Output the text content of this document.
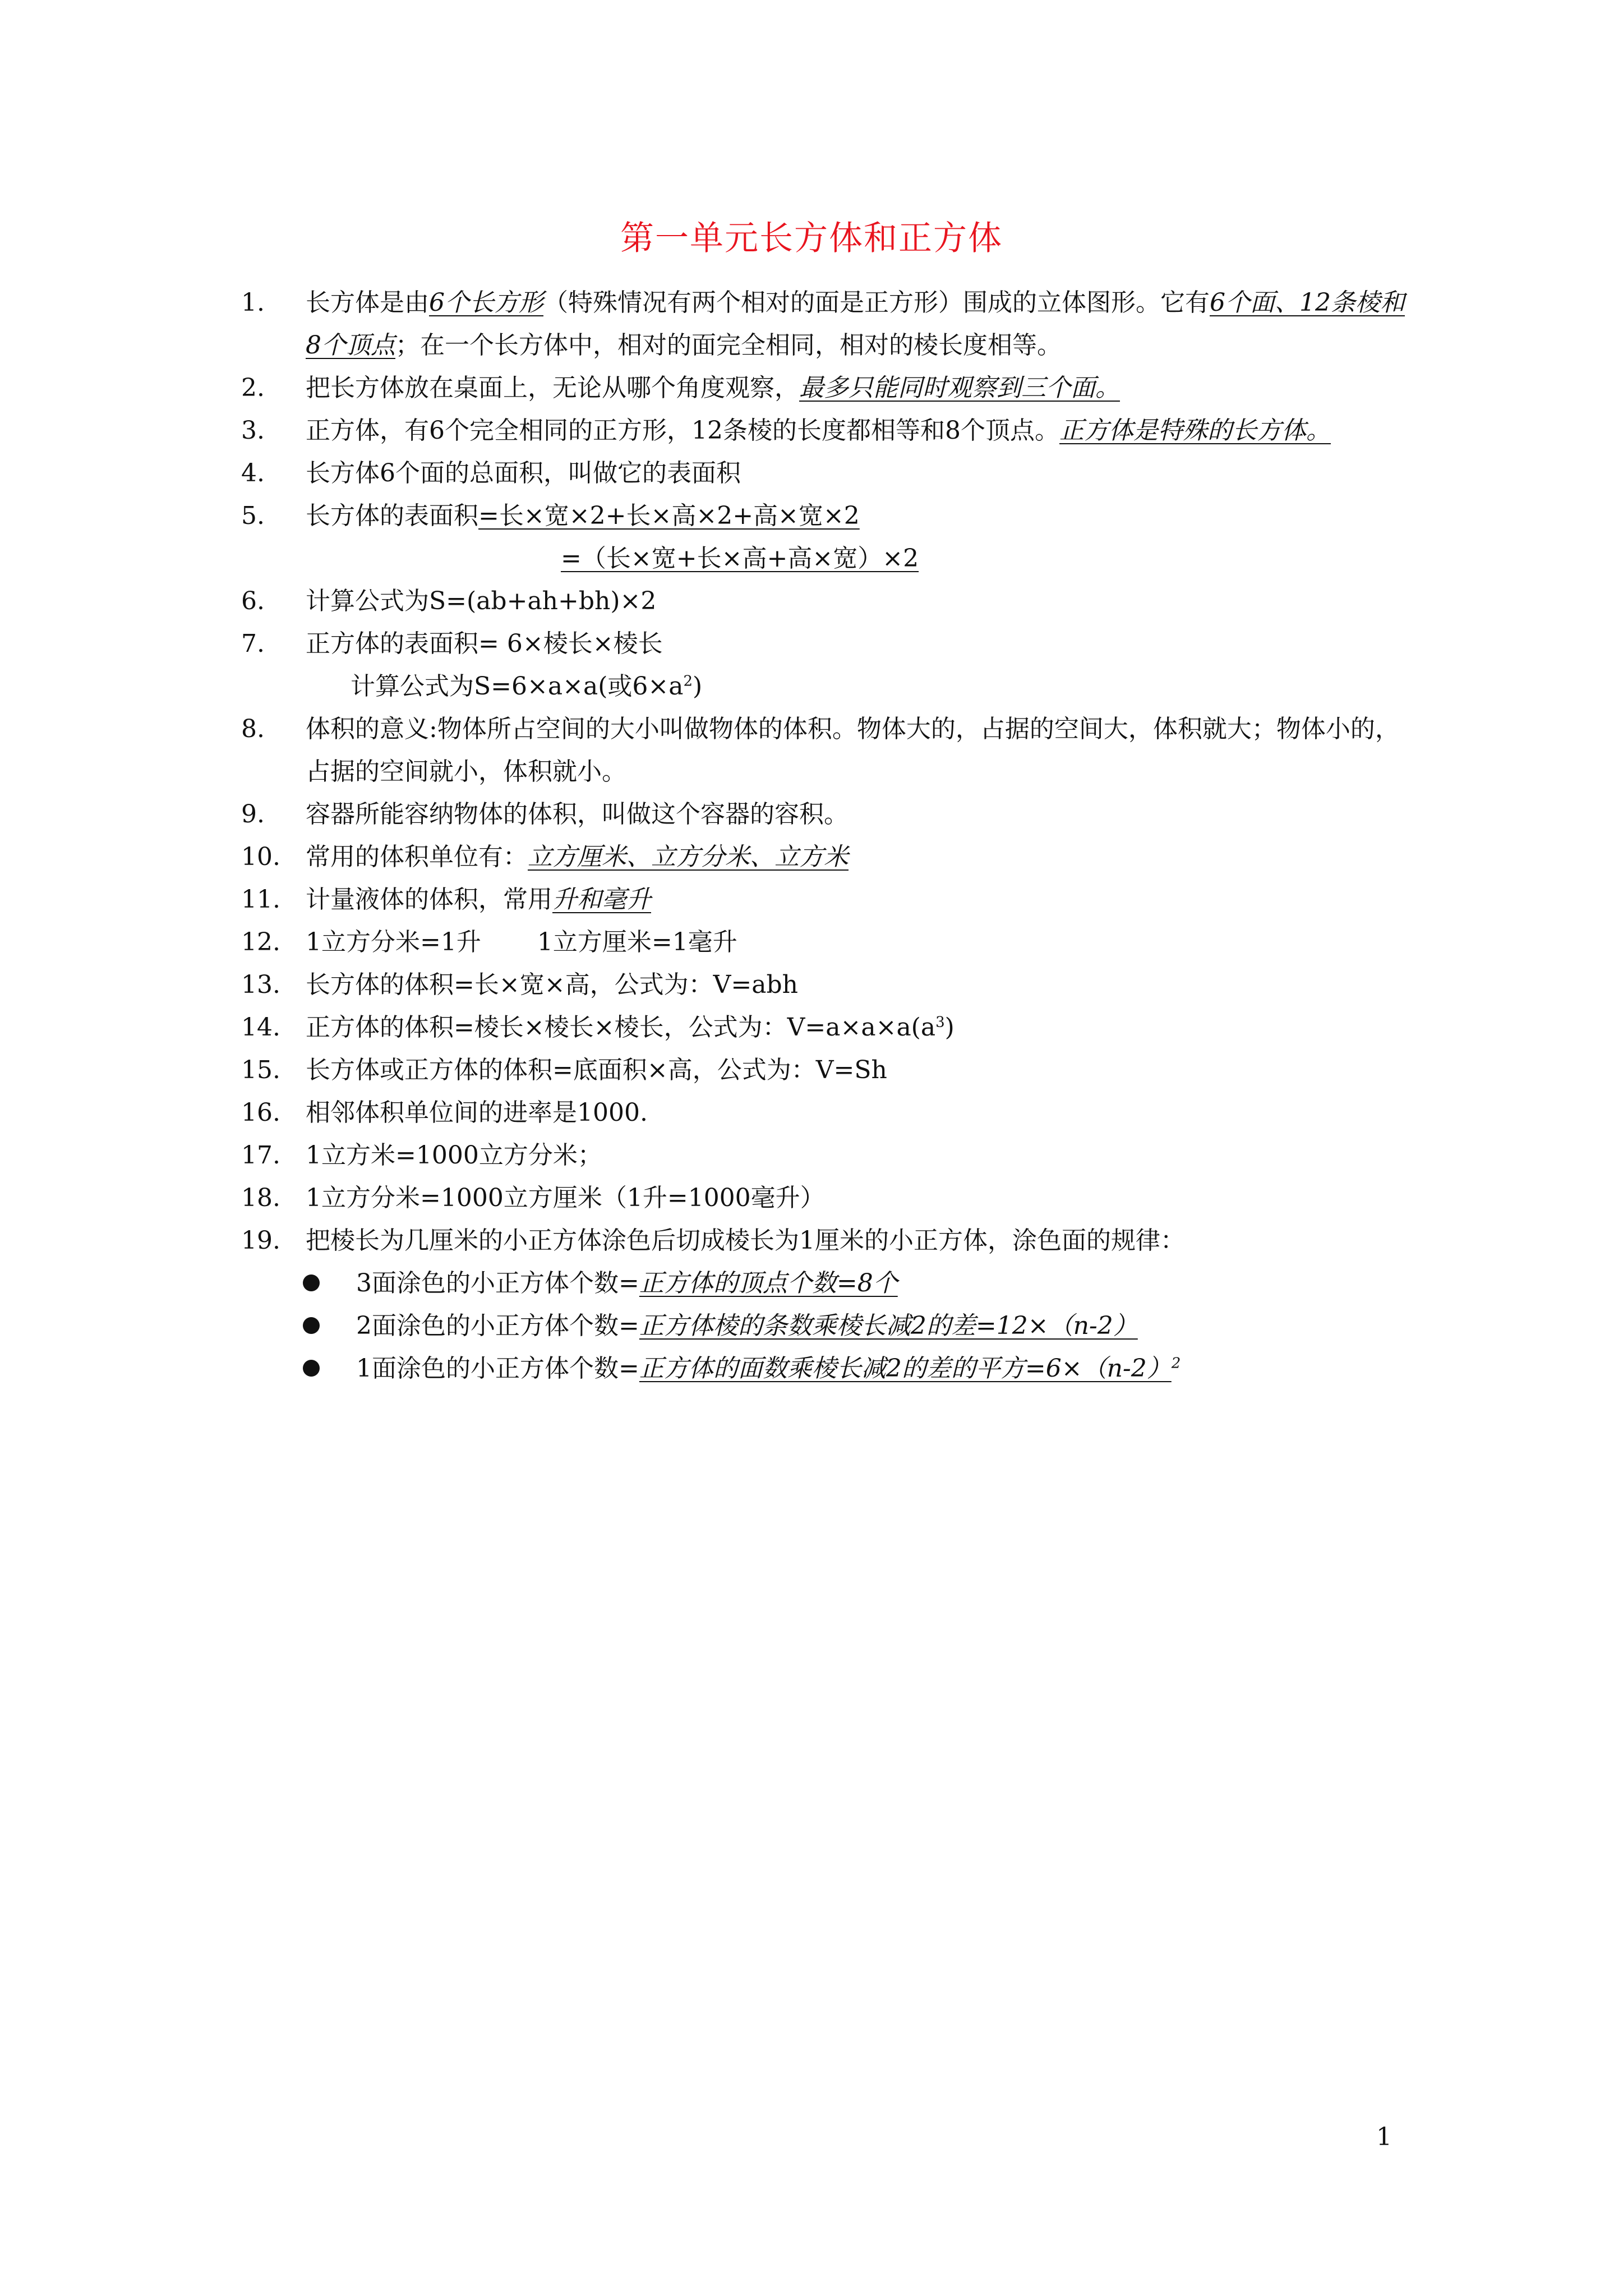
第一单元长方体和正方体
1. 长方体是由6个长方形（特殊情况有两个相对的面是正方形）围成的立体图形。它有6个面、12条棱和8个顶点；在一个长方体中，相对的面完全相同，相对的棱长度相等。
2. 把长方体放在桌面上，无论从哪个角度观察，最多只能同时观察到三个面。
3. 正方体，有6个完全相同的正方形，12条棱的长度都相等和8个顶点。正方体是特殊的长方体。
4. 长方体6个面的总面积，叫做它的表面积
5. 长方体的表面积=长×宽×2+长×高×2+高×宽×2
=（长×宽+长×高+高×宽）×2
6. 计算公式为S=(ab+ah+bh)×2
7. 正方体的表面积= 6×棱长×棱长
计算公式为S=6×a×a(或$6\times a^2$)
8. 体积的意义:物体所占空间的大小叫做物体的体积。物体大的，占据的空间大，体积就大；物体小的，占据的空间就小，体积就小。
9. 容器所能容纳物体的体积，叫做这个容器的容积。
10. 常用的体积单位有：立方厘米、立方分米、立方米
11. 计量液体的体积，常用升和毫升
12. 1立方分米=1升 1立方厘米=1毫升
13. 长方体的体积=长×宽×高，公式为：V=abh
14. 正方体的体积=棱长×棱长×棱长，公式为：$V=a\times a\times a(a^3)$
15. 长方体或正方体的体积=底面积×高，公式为：V=Sh
16. 相邻体积单位间的进率是1000.
17. 1立方米=1000立方分米；
18. 1立方分米=1000立方厘米（1升=1000毫升）
19. 把棱长为几厘米的小正方体涂色后切成棱长为1厘米的小正方体，涂色面的规律：
3面涂色的小正方体个数=正方体的顶点个数=8个
2面涂色的小正方体个数=正方体棱的条数乘棱长减2的差=12×（n-2）
1面涂色的小正方体个数=正方体的面数乘棱长减2的差的平方$=6\times(n-2)^2$
1
